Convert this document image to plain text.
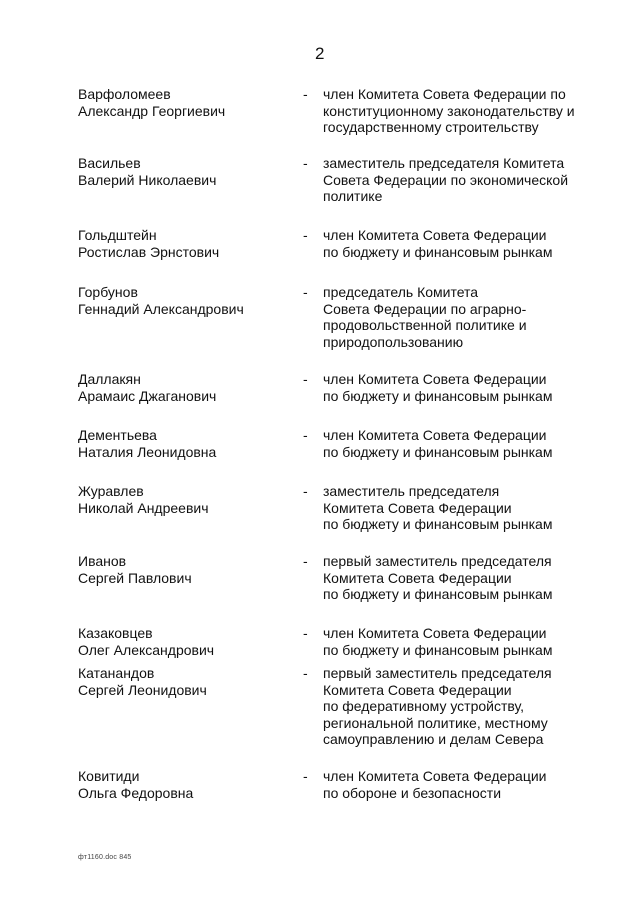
2
Варфоломеев
Александр Георгиевич
- член Комитета Совета Федерации по
конституционному законодательству и
государственному строительству
Васильев
Валерий Николаевич
- заместитель председателя Комитета
Совета Федерации по экономической
политике
Гольдштейн
Ростислав Эрнстович
- член Комитета Совета Федерации
по бюджету и финансовым рынкам
Горбунов
Геннадий Александрович
- председатель Комитета
Совета Федерации по аграрно-
продовольственной политике и
природопользованию
Даллакян
Арамаис Джаганович
- член Комитета Совета Федерации
по бюджету и финансовым рынкам
Дементьева
Наталия Леонидовна
- член Комитета Совета Федерации
по бюджету и финансовым рынкам
Журавлев
Николай Андреевич
- заместитель председателя
Комитета Совета Федерации
по бюджету и финансовым рынкам
Иванов
Сергей Павлович
- первый заместитель председателя
Комитета Совета Федерации
по бюджету и финансовым рынкам
Казаковцев
Олег Александрович
- член Комитета Совета Федерации
по бюджету и финансовым рынкам
Катанандов
Сергей Леонидович
- первый заместитель председателя
Комитета Совета Федерации
по федеративному устройству,
региональной политике, местному
самоуправлению и делам Севера
Ковитиди
Ольга Федоровна
- член Комитета Совета Федерации
по обороне и безопасности
фт1160.doc 845
